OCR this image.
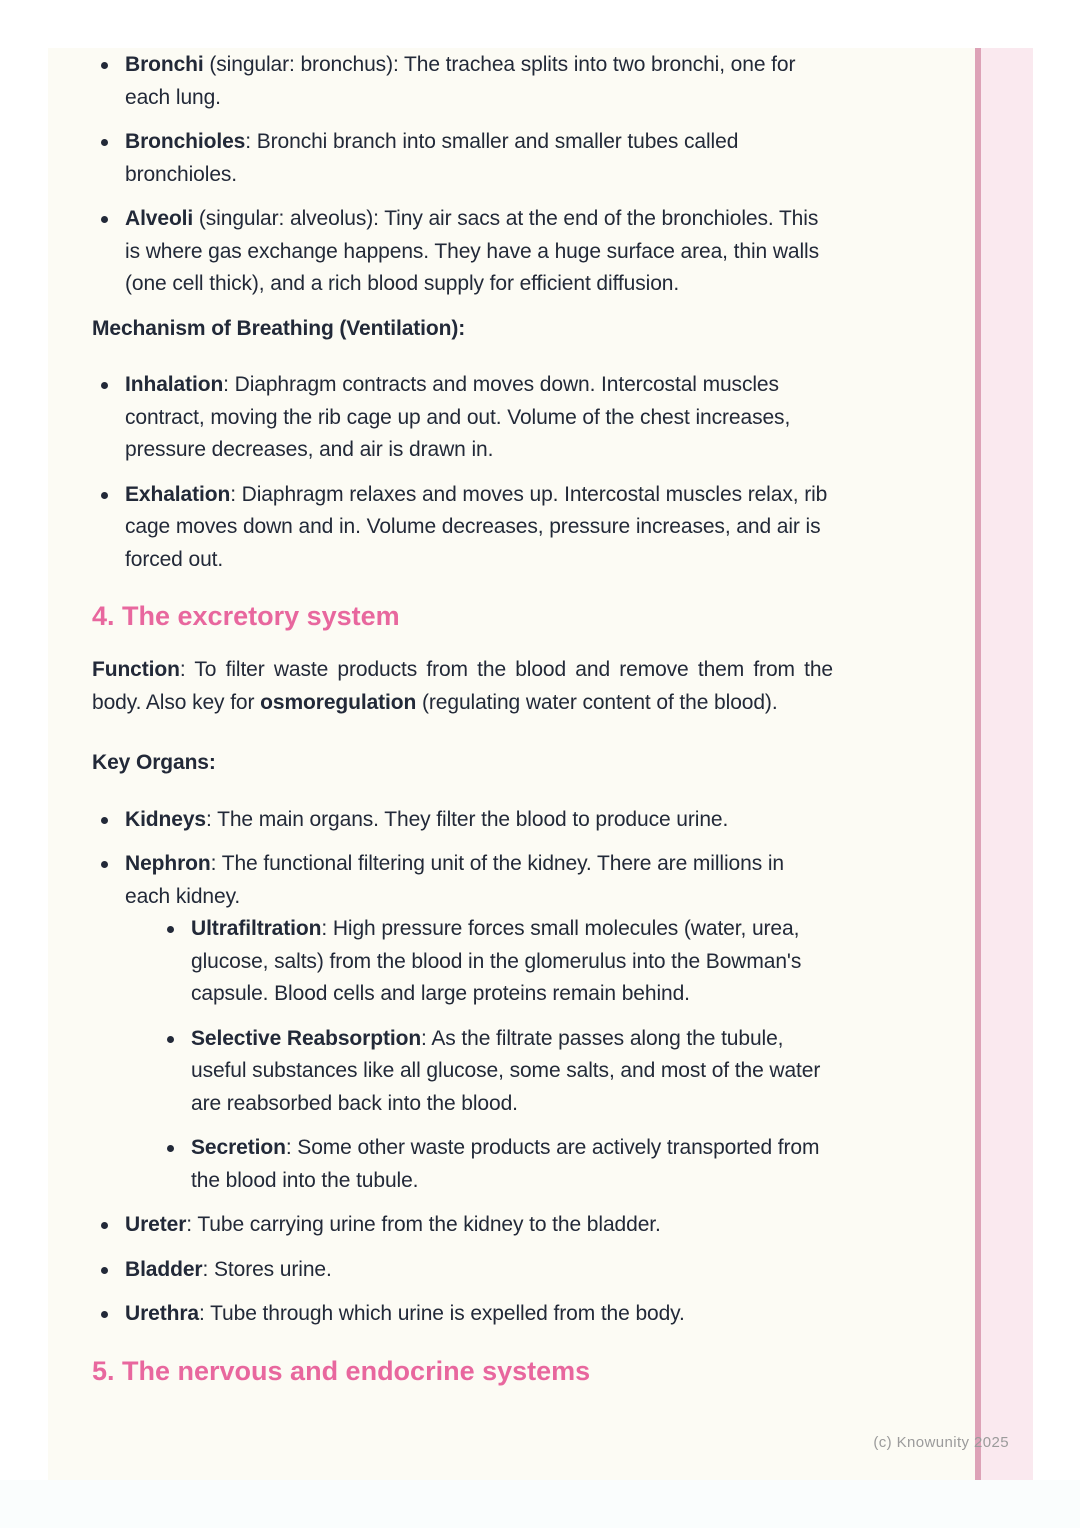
Bronchi (singular: bronchus): The trachea splits into two bronchi, one for each lung.
Bronchioles: Bronchi branch into smaller and smaller tubes called bronchioles.
Alveoli (singular: alveolus): Tiny air sacs at the end of the bronchioles. This is where gas exchange happens. They have a huge surface area, thin walls (one cell thick), and a rich blood supply for efficient diffusion.
Mechanism of Breathing (Ventilation):
Inhalation: Diaphragm contracts and moves down. Intercostal muscles contract, moving the rib cage up and out. Volume of the chest increases, pressure decreases, and air is drawn in.
Exhalation: Diaphragm relaxes and moves up. Intercostal muscles relax, rib cage moves down and in. Volume decreases, pressure increases, and air is forced out.
4. The excretory system

Function: To filter waste products from the blood and remove them from the body. Also key for osmoregulation (regulating water content of the blood).

Key Organs:
Kidneys: The main organs. They filter the blood to produce urine.
Nephron: The functional filtering unit of the kidney. There are millions in each kidney.
Ultrafiltration: High pressure forces small molecules (water, urea, glucose, salts) from the blood in the glomerulus into the Bowman's capsule. Blood cells and large proteins remain behind.
Selective Reabsorption: As the filtrate passes along the tubule, useful substances like all glucose, some salts, and most of the water are reabsorbed back into the blood.
Secretion: Some other waste products are actively transported from the blood into the tubule.
Ureter: Tube carrying urine from the kidney to the bladder.
Bladder: Stores urine.
Urethra: Tube through which urine is expelled from the body.
5. The nervous and endocrine systems
(c) Knowunity 2025
